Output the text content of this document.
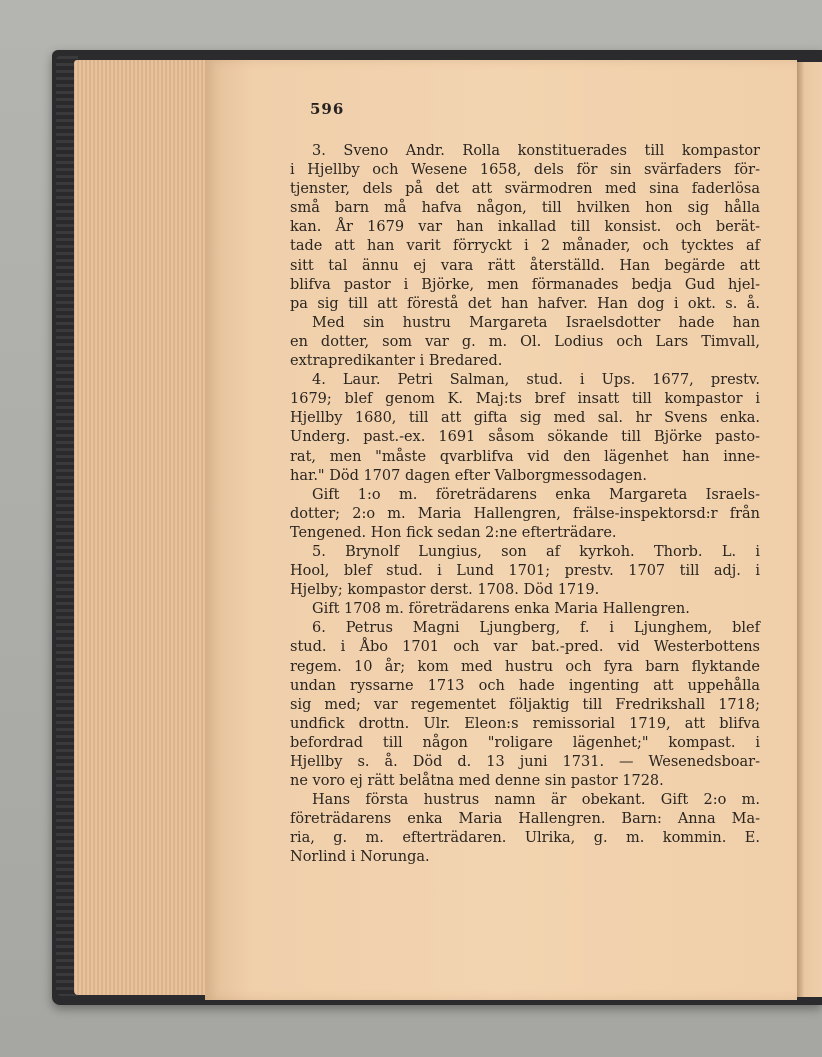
596
3. Sveno Andr. Rolla konstituerades till kompastor
i Hjellby och Wesene 1658, dels för sin svärfaders för-
tjenster, dels på det att svärmodren med sina faderlösa
små barn må hafva någon, till hvilken hon sig hålla
kan. År 1679 var han inkallad till konsist. och berät-
tade att han varit förryckt i 2 månader, och tycktes af
sitt tal ännu ej vara rätt återställd. Han begärde att
blifva pastor i Björke, men förmanades bedja Gud hjel-
pa sig till att förestå det han hafver. Han dog i okt. s. å.
Med sin hustru Margareta Israelsdotter hade han
en dotter, som var g. m. Ol. Lodius och Lars Timvall,
extrapredikanter i Bredared.
4. Laur. Petri Salman, stud. i Ups. 1677, prestv.
1679; blef genom K. Maj:ts bref insatt till kompastor i
Hjellby 1680, till att gifta sig med sal. hr Svens enka.
Underg. past.-ex. 1691 såsom sökande till Björke pasto-
rat, men "måste qvarblifva vid den lägenhet han inne-
har." Död 1707 dagen efter Valborgmessodagen.
Gift 1:o m. företrädarens enka Margareta Israels-
dotter; 2:o m. Maria Hallengren, frälse-inspektorsd:r från
Tengened. Hon fick sedan 2:ne efterträdare.
5. Brynolf Lungius, son af kyrkoh. Thorb. L. i
Hool, blef stud. i Lund 1701; prestv. 1707 till adj. i
Hjelby; kompastor derst. 1708. Död 1719.
Gift 1708 m. företrädarens enka Maria Hallengren.
6. Petrus Magni Ljungberg, f. i Ljunghem, blef
stud. i Åbo 1701 och var bat.-pred. vid Westerbottens
regem. 10 år; kom med hustru och fyra barn flyktande
undan ryssarne 1713 och hade ingenting att uppehålla
sig med; var regementet följaktig till Fredrikshall 1718;
undfick drottn. Ulr. Eleon:s remissorial 1719, att blifva
befordrad till någon "roligare lägenhet;" kompast. i
Hjellby s. å. Död d. 13 juni 1731. — Wesenedsboar-
ne voro ej rätt belåtna med denne sin pastor 1728.
Hans första hustrus namn är obekant. Gift 2:o m.
företrädarens enka Maria Hallengren. Barn: Anna Ma-
ria, g. m. efterträdaren. Ulrika, g. m. kommin. E.
Norlind i Norunga.
